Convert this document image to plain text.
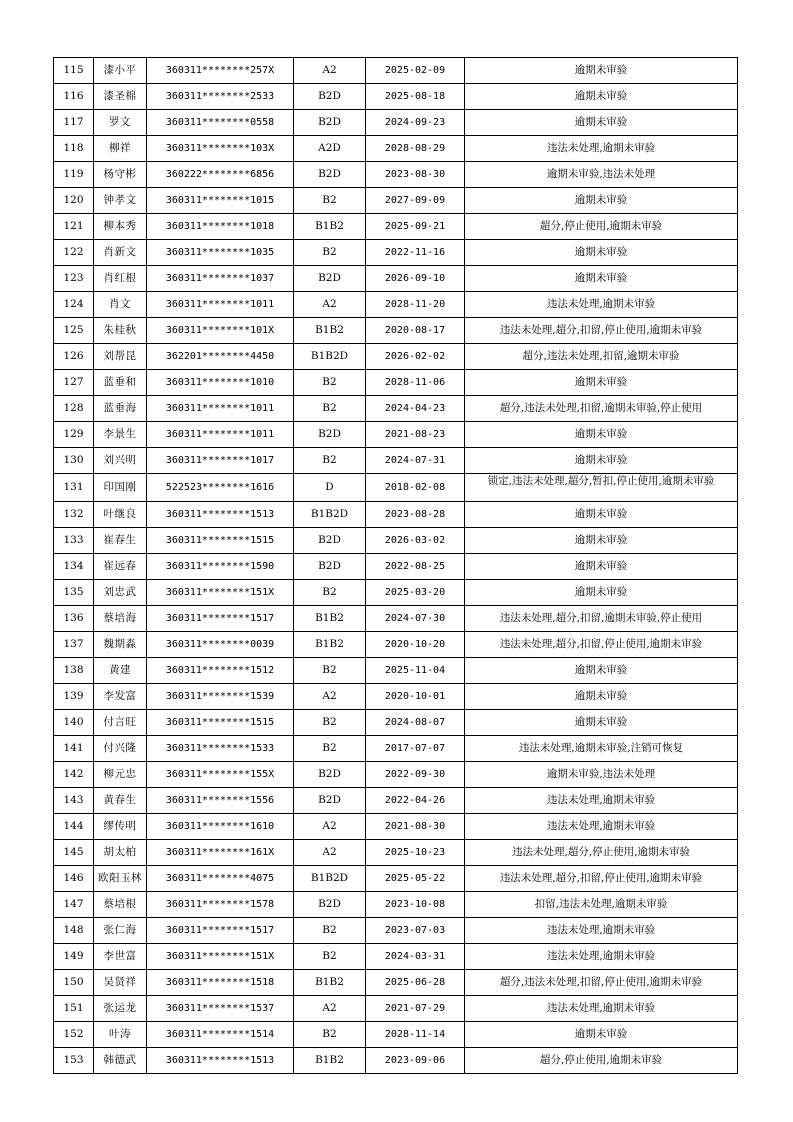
115	漆小平	360311********257X	A2	2025-02-09	逾期未审验
116	漆圣棉	360311********2533	B2D	2025-08-18	逾期未审验
117	罗文	360311********0558	B2D	2024-09-23	逾期未审验
118	柳祥	360311********103X	A2D	2028-08-29	违法未处理,逾期未审验
119	杨守彬	360222********6856	B2D	2023-08-30	逾期未审验,违法未处理
120	钟孝文	360311********1015	B2	2027-09-09	逾期未审验
121	柳本秀	360311********1018	B1B2	2025-09-21	超分,停止使用,逾期未审验
122	肖新文	360311********1035	B2	2022-11-16	逾期未审验
123	肖红根	360311********1037	B2D	2026-09-10	逾期未审验
124	肖文	360311********1011	A2	2028-11-20	违法未处理,逾期未审验
125	朱桂秋	360311********101X	B1B2	2020-08-17	违法未处理,超分,扣留,停止使用,逾期未审验
126	刘帮昆	362201********4450	B1B2D	2026-02-02	超分,违法未处理,扣留,逾期未审验
127	蓝垂和	360311********1010	B2	2028-11-06	逾期未审验
128	蓝垂海	360311********1011	B2	2024-04-23	超分,违法未处理,扣留,逾期未审验,停止使用
129	李景生	360311********1011	B2D	2021-08-23	逾期未审验
130	刘兴明	360311********1017	B2	2024-07-31	逾期未审验
131	印国刚	522523********1616	D	2018-02-08	锁定,违法未处理,超分,暂扣,停止使用,逾期未审验
132	叶继良	360311********1513	B1B2D	2023-08-28	逾期未审验
133	崔春生	360311********1515	B2D	2026-03-02	逾期未审验
134	崔远春	360311********1590	B2D	2022-08-25	逾期未审验
135	刘忠武	360311********151X	B2	2025-03-20	逾期未审验
136	蔡培海	360311********1517	B1B2	2024-07-30	违法未处理,超分,扣留,逾期未审验,停止使用
137	魏期淼	360311********0039	B1B2	2020-10-20	违法未处理,超分,扣留,停止使用,逾期未审验
138	黄建	360311********1512	B2	2025-11-04	逾期未审验
139	李发富	360311********1539	A2	2020-10-01	逾期未审验
140	付言旺	360311********1515	B2	2024-08-07	逾期未审验
141	付兴隆	360311********1533	B2	2017-07-07	违法未处理,逾期未审验,注销可恢复
142	柳元忠	360311********155X	B2D	2022-09-30	逾期未审验,违法未处理
143	黄春生	360311********1556	B2D	2022-04-26	违法未处理,逾期未审验
144	缪传明	360311********1610	A2	2021-08-30	违法未处理,逾期未审验
145	胡太柏	360311********161X	A2	2025-10-23	违法未处理,超分,停止使用,逾期未审验
146	欧阳玉林	360311********4075	B1B2D	2025-05-22	违法未处理,超分,扣留,停止使用,逾期未审验
147	蔡培根	360311********1578	B2D	2023-10-08	扣留,违法未处理,逾期未审验
148	张仁海	360311********1517	B2	2023-07-03	违法未处理,逾期未审验
149	李世富	360311********151X	B2	2024-03-31	违法未处理,逾期未审验
150	吴贤祥	360311********1518	B1B2	2025-06-28	超分,违法未处理,扣留,停止使用,逾期未审验
151	张运龙	360311********1537	A2	2021-07-29	违法未处理,逾期未审验
152	叶涛	360311********1514	B2	2028-11-14	逾期未审验
153	韩德武	360311********1513	B1B2	2023-09-06	超分,停止使用,逾期未审验
